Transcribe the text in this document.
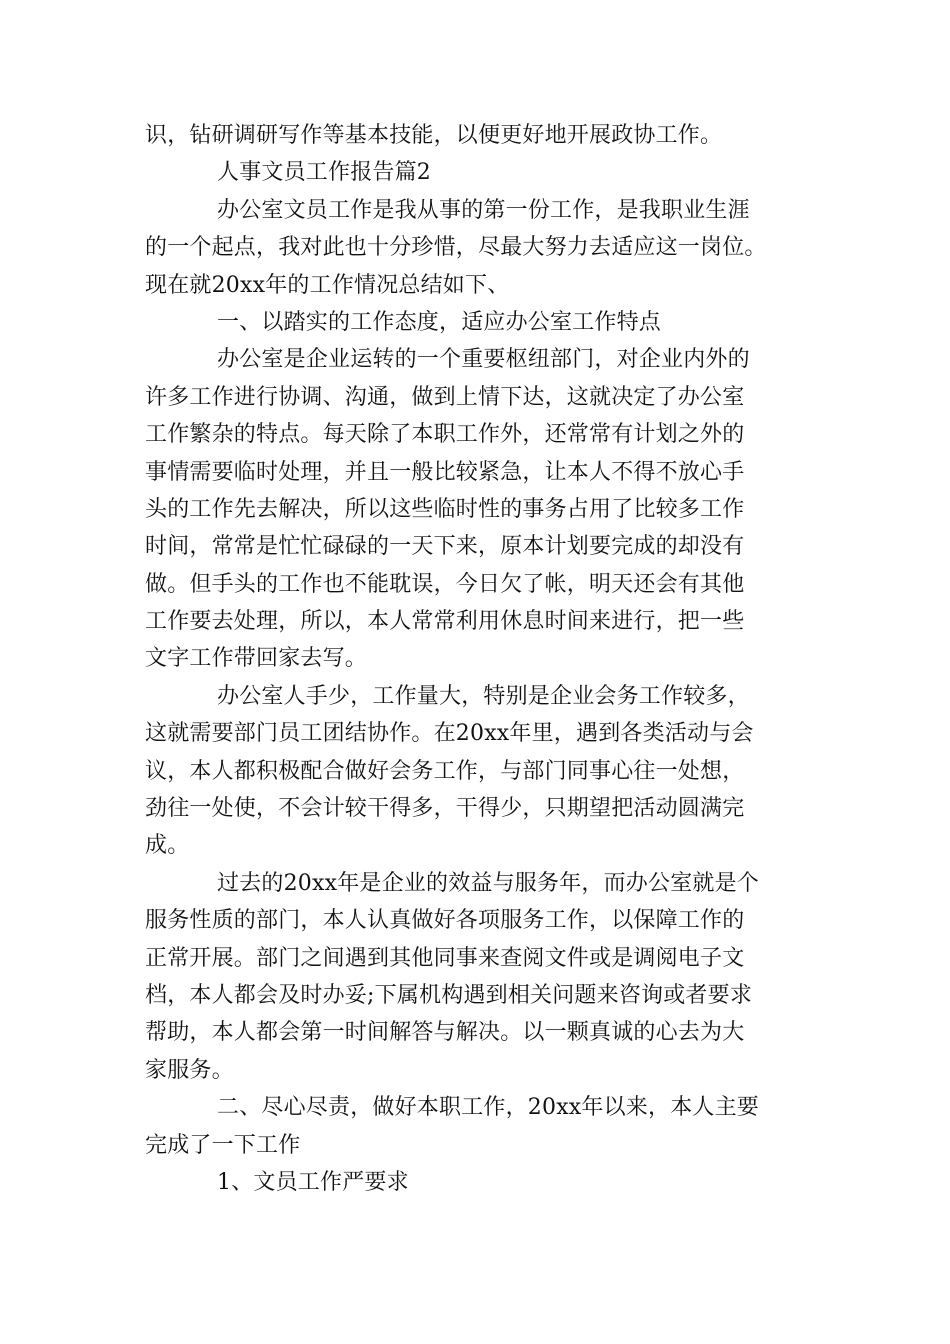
识，钻研调研写作等基本技能，以便更好地开展政协工作。
人事文员工作报告篇2
办公室文员工作是我从事的第一份工作，是我职业生涯
的一个起点，我对此也十分珍惜，尽最大努力去适应这一岗位。
现在就20xx年的工作情况总结如下、
一、以踏实的工作态度，适应办公室工作特点
办公室是企业运转的一个重要枢纽部门，对企业内外的
许多工作进行协调、沟通，做到上情下达，这就决定了办公室
工作繁杂的特点。每天除了本职工作外，还常常有计划之外的
事情需要临时处理，并且一般比较紧急，让本人不得不放心手
头的工作先去解决，所以这些临时性的事务占用了比较多工作
时间，常常是忙忙碌碌的一天下来，原本计划要完成的却没有
做。但手头的工作也不能耽误，今日欠了帐，明天还会有其他
工作要去处理，所以，本人常常利用休息时间来进行，把一些
文字工作带回家去写。
办公室人手少，工作量大，特别是企业会务工作较多，
这就需要部门员工团结协作。在20xx年里，遇到各类活动与会
议，本人都积极配合做好会务工作，与部门同事心往一处想，
劲往一处使，不会计较干得多，干得少，只期望把活动圆满完
成。
过去的20xx年是企业的效益与服务年，而办公室就是个
服务性质的部门，本人认真做好各项服务工作，以保障工作的
正常开展。部门之间遇到其他同事来查阅文件或是调阅电子文
档，本人都会及时办妥;下属机构遇到相关问题来咨询或者要求
帮助，本人都会第一时间解答与解决。以一颗真诚的心去为大
家服务。
二、尽心尽责，做好本职工作，20xx年以来，本人主要
完成了一下工作
1、文员工作严要求
